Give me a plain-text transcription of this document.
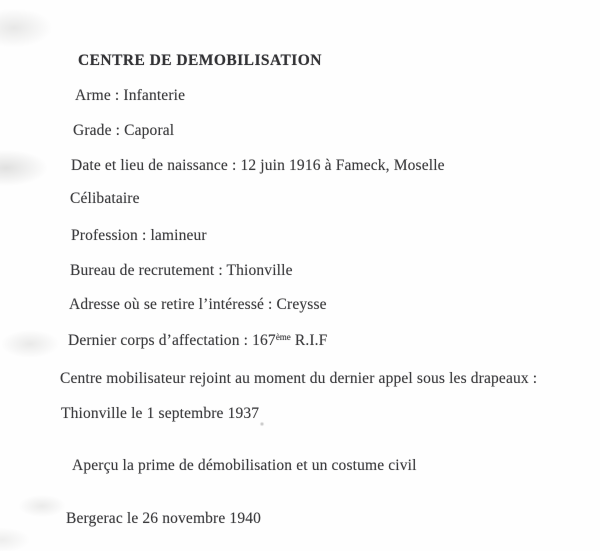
CENTRE DE DEMOBILISATION
Arme : Infanterie
Grade : Caporal
Date et lieu de naissance : 12 juin 1916 à Fameck, Moselle
Célibataire
Profession : lamineur
Bureau de recrutement : Thionville
Adresse où se retire l’intéressé : Creysse
Dernier corps d’affectation : 167ème R.I.F
Centre mobilisateur rejoint au moment du dernier appel sous les drapeaux :
Thionville le 1 septembre 1937
Aperçu la prime de démobilisation et un costume civil
Bergerac le 26 novembre 1940
